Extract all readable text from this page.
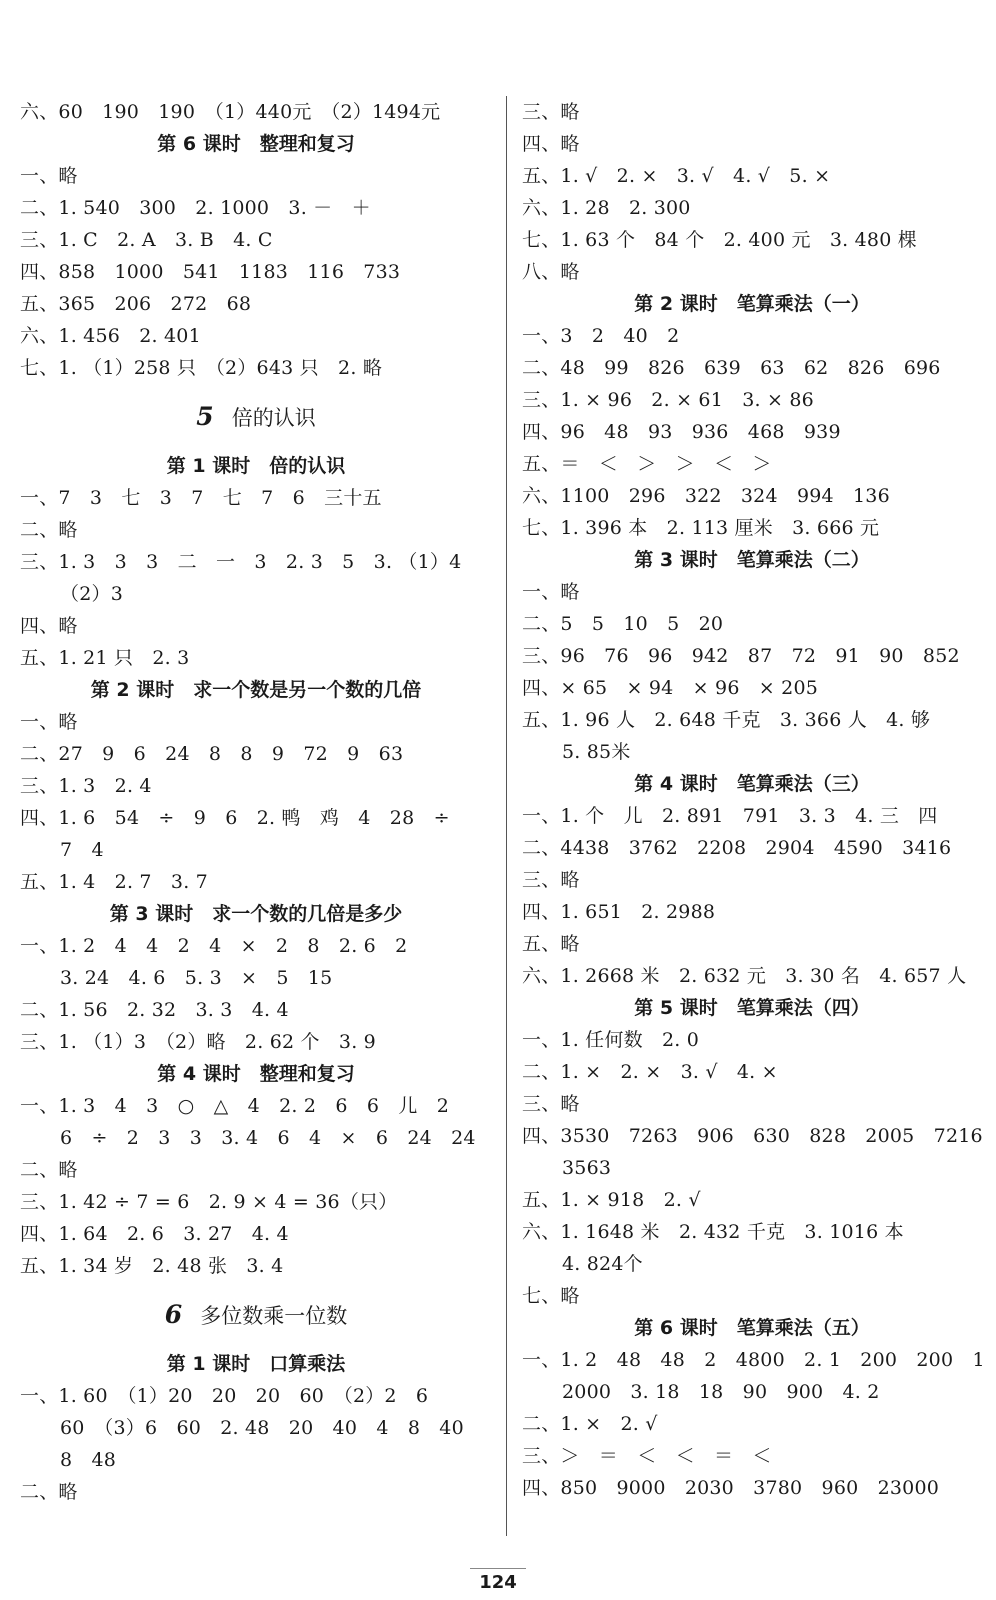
六、60　190　190　（1）440元　（2）1494元
第 6 课时　整理和复习
一、略
二、1. 540　300　2. 1000　3. －　＋
三、1. C　2. A　3. B　4. C
四、858　1000　541　1183　116　733
五、365　206　272　68
六、1. 456　2. 401
七、1. （1）258 只　（2）643 只　2. 略
5 倍的认识
第 1 课时　倍的认识
一、7　3　七　3　7　七　7　6　三十五
二、略
三、1. 3　3　3　二　一　3　2. 3　5　3. （1）4
（2）3
四、略
五、1. 21 只　2. 3
第 2 课时　求一个数是另一个数的几倍
一、略
二、27　9　6　24　8　8　9　72　9　63
三、1. 3　2. 4
四、1. 6　54　÷　9　6　2. 鸭　鸡　4　28　÷
7　4
五、1. 4　2. 7　3. 7
第 3 课时　求一个数的几倍是多少
一、1. 2　4　4　2　4　×　2　8　2. 6　2
3. 24　4. 6　5. 3　×　5　15
二、1. 56　2. 32　3. 3　4. 4
三、1. （1）3　（2）略　2. 62 个　3. 9
第 4 课时　整理和复习
一、1. 3　4　3　○　△　4　2. 2　6　6　儿　2
6　÷　2　3　3　3. 4　6　4　×　6　24　24
二、略
三、1. 42 ÷ 7 = 6　2. 9 × 4 = 36（只）
四、1. 64　2. 6　3. 27　4. 4
五、1. 34 岁　2. 48 张　3. 4
6 多位数乘一位数
第 1 课时　口算乘法
一、1. 60　（1）20　20　20　60　（2）2　6
60　（3）6　60　2. 48　20　40　4　8　40
8　48
二、略
三、略
四、略
五、1. √　2. ×　3. √　4. √　5. ×
六、1. 28　2. 300
七、1. 63 个　84 个　2. 400 元　3. 480 棵
八、略
第 2 课时　笔算乘法（一）
一、3　2　40　2
二、48　99　826　639　63　62　826　696
三、1. × 96　2. × 61　3. × 86
四、96　48　93　936　468　939
五、＝　＜　＞　＞　＜　＞
六、1100　296　322　324　994　136
七、1. 396 本　2. 113 厘米　3. 666 元
第 3 课时　笔算乘法（二）
一、略
二、5　5　10　5　20
三、96　76　96　942　87　72　91　90　852
四、× 65　× 94　× 96　× 205
五、1. 96 人　2. 648 千克　3. 366 人　4. 够
5. 85米
第 4 课时　笔算乘法（三）
一、1. 个　儿　2. 891　791　3. 3　4. 三　四
二、4438　3762　2208　2904　4590　3416
三、略
四、1. 651　2. 2988
五、略
六、1. 2668 米　2. 632 元　3. 30 名　4. 657 人
第 5 课时　笔算乘法（四）
一、1. 任何数　2. 0
二、1. ×　2. ×　3. √　4. ×
三、略
四、3530　7263　906　630　828　2005　7216
3563
五、1. × 918　2. √
六、1. 1648 米　2. 432 千克　3. 1016 本
4. 824个
七、略
第 6 课时　笔算乘法（五）
一、1. 2　48　48　2　4800　2. 1　200　200　1
2000　3. 18　18　90　900　4. 2
二、1. ×　2. √
三、＞　＝　＜　＜　＝　＜
四、850　9000　2030　3780　960　23000
124
